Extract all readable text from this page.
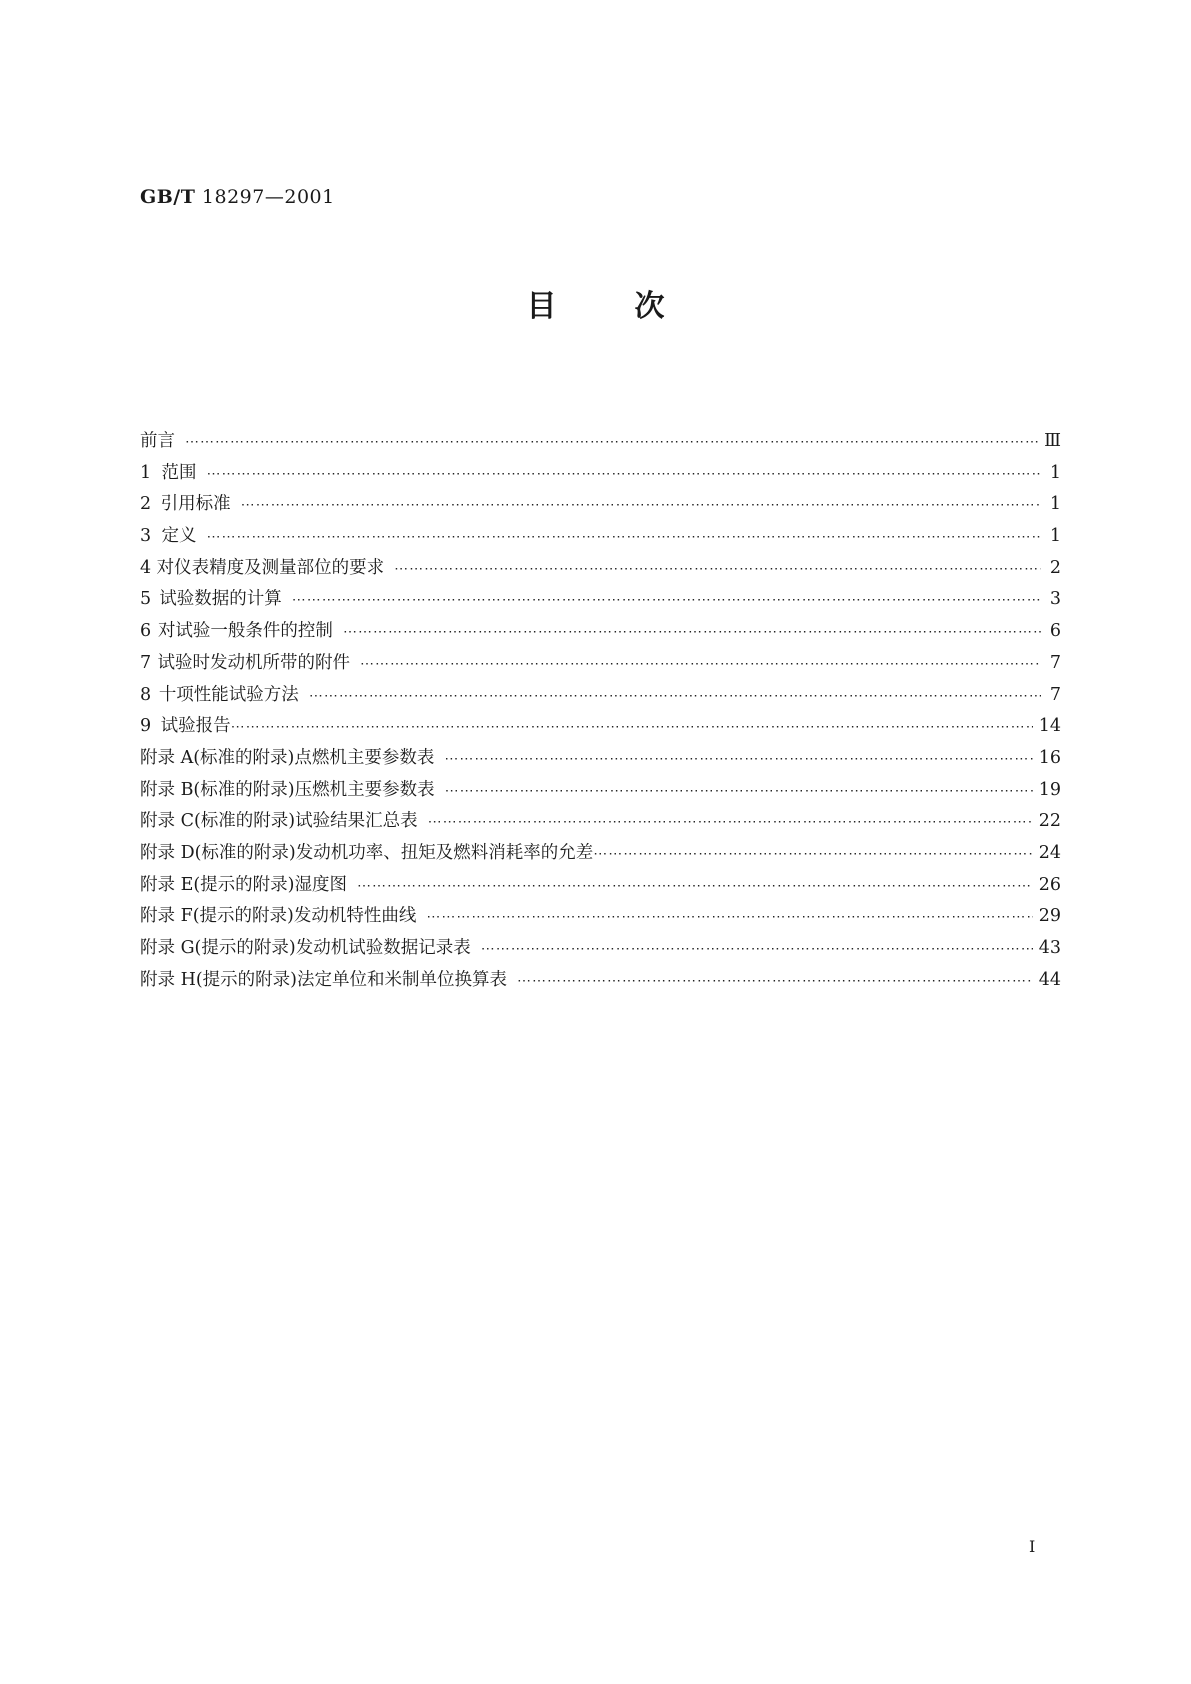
GB/T 18297—2001
目	次
前言 ⋯⋯⋯⋯⋯⋯⋯⋯⋯⋯⋯⋯⋯⋯⋯⋯⋯⋯⋯⋯⋯⋯⋯⋯⋯⋯⋯⋯⋯⋯⋯⋯⋯⋯⋯⋯⋯⋯⋯⋯⋯⋯⋯⋯⋯⋯⋯⋯⋯⋯⋯⋯⋯⋯⋯⋯⋯⋯⋯⋯⋯⋯⋯⋯⋯⋯⋯⋯⋯⋯⋯⋯⋯⋯⋯⋯⋯⋯⋯⋯⋯⋯⋯	Ⅲ
1 范围 ⋯⋯⋯⋯⋯⋯⋯⋯⋯⋯⋯⋯⋯⋯⋯⋯⋯⋯⋯⋯⋯⋯⋯⋯⋯⋯⋯⋯⋯⋯⋯⋯⋯⋯⋯⋯⋯⋯⋯⋯⋯⋯⋯⋯⋯⋯⋯⋯⋯⋯⋯⋯⋯⋯⋯⋯⋯⋯⋯⋯⋯⋯⋯⋯⋯⋯⋯⋯⋯⋯⋯⋯⋯⋯⋯⋯⋯⋯⋯⋯⋯⋯⋯	1
2 引用标准 ⋯⋯⋯⋯⋯⋯⋯⋯⋯⋯⋯⋯⋯⋯⋯⋯⋯⋯⋯⋯⋯⋯⋯⋯⋯⋯⋯⋯⋯⋯⋯⋯⋯⋯⋯⋯⋯⋯⋯⋯⋯⋯⋯⋯⋯⋯⋯⋯⋯⋯⋯⋯⋯⋯⋯⋯⋯⋯⋯⋯⋯⋯⋯⋯⋯⋯⋯⋯⋯⋯⋯⋯⋯⋯⋯⋯⋯⋯⋯⋯⋯⋯⋯	1
3 定义 ⋯⋯⋯⋯⋯⋯⋯⋯⋯⋯⋯⋯⋯⋯⋯⋯⋯⋯⋯⋯⋯⋯⋯⋯⋯⋯⋯⋯⋯⋯⋯⋯⋯⋯⋯⋯⋯⋯⋯⋯⋯⋯⋯⋯⋯⋯⋯⋯⋯⋯⋯⋯⋯⋯⋯⋯⋯⋯⋯⋯⋯⋯⋯⋯⋯⋯⋯⋯⋯⋯⋯⋯⋯⋯⋯⋯⋯⋯⋯⋯⋯⋯⋯	1
4 对仪表精度及测量部位的要求 ⋯⋯⋯⋯⋯⋯⋯⋯⋯⋯⋯⋯⋯⋯⋯⋯⋯⋯⋯⋯⋯⋯⋯⋯⋯⋯⋯⋯⋯⋯⋯⋯⋯⋯⋯⋯⋯⋯⋯⋯⋯⋯⋯⋯⋯⋯⋯⋯⋯⋯⋯⋯⋯⋯⋯⋯⋯⋯⋯⋯⋯⋯⋯⋯⋯⋯⋯⋯⋯⋯⋯⋯⋯⋯⋯⋯⋯⋯⋯⋯⋯⋯⋯	2
5 试验数据的计算 ⋯⋯⋯⋯⋯⋯⋯⋯⋯⋯⋯⋯⋯⋯⋯⋯⋯⋯⋯⋯⋯⋯⋯⋯⋯⋯⋯⋯⋯⋯⋯⋯⋯⋯⋯⋯⋯⋯⋯⋯⋯⋯⋯⋯⋯⋯⋯⋯⋯⋯⋯⋯⋯⋯⋯⋯⋯⋯⋯⋯⋯⋯⋯⋯⋯⋯⋯⋯⋯⋯⋯⋯⋯⋯⋯⋯⋯⋯⋯⋯⋯⋯⋯	3
6 对试验一般条件的控制 ⋯⋯⋯⋯⋯⋯⋯⋯⋯⋯⋯⋯⋯⋯⋯⋯⋯⋯⋯⋯⋯⋯⋯⋯⋯⋯⋯⋯⋯⋯⋯⋯⋯⋯⋯⋯⋯⋯⋯⋯⋯⋯⋯⋯⋯⋯⋯⋯⋯⋯⋯⋯⋯⋯⋯⋯⋯⋯⋯⋯⋯⋯⋯⋯⋯⋯⋯⋯⋯⋯⋯⋯⋯⋯⋯⋯⋯⋯⋯⋯⋯⋯⋯	6
7 试验时发动机所带的附件 ⋯⋯⋯⋯⋯⋯⋯⋯⋯⋯⋯⋯⋯⋯⋯⋯⋯⋯⋯⋯⋯⋯⋯⋯⋯⋯⋯⋯⋯⋯⋯⋯⋯⋯⋯⋯⋯⋯⋯⋯⋯⋯⋯⋯⋯⋯⋯⋯⋯⋯⋯⋯⋯⋯⋯⋯⋯⋯⋯⋯⋯⋯⋯⋯⋯⋯⋯⋯⋯⋯⋯⋯⋯⋯⋯⋯⋯⋯⋯⋯⋯⋯⋯	7
8 十项性能试验方法 ⋯⋯⋯⋯⋯⋯⋯⋯⋯⋯⋯⋯⋯⋯⋯⋯⋯⋯⋯⋯⋯⋯⋯⋯⋯⋯⋯⋯⋯⋯⋯⋯⋯⋯⋯⋯⋯⋯⋯⋯⋯⋯⋯⋯⋯⋯⋯⋯⋯⋯⋯⋯⋯⋯⋯⋯⋯⋯⋯⋯⋯⋯⋯⋯⋯⋯⋯⋯⋯⋯⋯⋯⋯⋯⋯⋯⋯⋯⋯⋯⋯⋯⋯	7
9 试验报告 ⋯⋯⋯⋯⋯⋯⋯⋯⋯⋯⋯⋯⋯⋯⋯⋯⋯⋯⋯⋯⋯⋯⋯⋯⋯⋯⋯⋯⋯⋯⋯⋯⋯⋯⋯⋯⋯⋯⋯⋯⋯⋯⋯⋯⋯⋯⋯⋯⋯⋯⋯⋯⋯⋯⋯⋯⋯⋯⋯⋯⋯⋯⋯⋯⋯⋯⋯⋯⋯⋯⋯⋯⋯⋯⋯⋯⋯⋯⋯⋯⋯⋯⋯	14
附录 A(标准的附录) 点燃机主要参数表 ⋯⋯⋯⋯⋯⋯⋯⋯⋯⋯⋯⋯⋯⋯⋯⋯⋯⋯⋯⋯⋯⋯⋯⋯⋯⋯⋯⋯⋯⋯⋯⋯⋯⋯⋯⋯⋯⋯⋯⋯⋯⋯⋯⋯⋯⋯⋯⋯⋯⋯⋯⋯⋯⋯⋯⋯⋯⋯⋯⋯⋯⋯⋯⋯⋯⋯⋯⋯⋯⋯⋯⋯⋯⋯⋯⋯⋯⋯⋯⋯⋯⋯⋯	16
附录 B(标准的附录) 压燃机主要参数表 ⋯⋯⋯⋯⋯⋯⋯⋯⋯⋯⋯⋯⋯⋯⋯⋯⋯⋯⋯⋯⋯⋯⋯⋯⋯⋯⋯⋯⋯⋯⋯⋯⋯⋯⋯⋯⋯⋯⋯⋯⋯⋯⋯⋯⋯⋯⋯⋯⋯⋯⋯⋯⋯⋯⋯⋯⋯⋯⋯⋯⋯⋯⋯⋯⋯⋯⋯⋯⋯⋯⋯⋯⋯⋯⋯⋯⋯⋯⋯⋯⋯⋯⋯	19
附录 C(标准的附录) 试验结果汇总表 ⋯⋯⋯⋯⋯⋯⋯⋯⋯⋯⋯⋯⋯⋯⋯⋯⋯⋯⋯⋯⋯⋯⋯⋯⋯⋯⋯⋯⋯⋯⋯⋯⋯⋯⋯⋯⋯⋯⋯⋯⋯⋯⋯⋯⋯⋯⋯⋯⋯⋯⋯⋯⋯⋯⋯⋯⋯⋯⋯⋯⋯⋯⋯⋯⋯⋯⋯⋯⋯⋯⋯⋯⋯⋯⋯⋯⋯⋯⋯⋯⋯⋯⋯	22
附录 D(标准的附录) 发动机功率、扭矩及燃料消耗率的允差 ⋯⋯⋯⋯⋯⋯⋯⋯⋯⋯⋯⋯⋯⋯⋯⋯⋯⋯⋯⋯⋯⋯⋯⋯⋯⋯⋯⋯⋯⋯⋯⋯⋯⋯⋯⋯⋯⋯⋯⋯⋯⋯⋯⋯⋯⋯⋯⋯⋯⋯⋯⋯⋯⋯⋯⋯⋯⋯⋯⋯⋯⋯⋯⋯⋯⋯⋯⋯⋯⋯⋯⋯⋯⋯⋯⋯⋯⋯⋯⋯⋯⋯⋯	24
附录 E(提示的附录) 湿度图 ⋯⋯⋯⋯⋯⋯⋯⋯⋯⋯⋯⋯⋯⋯⋯⋯⋯⋯⋯⋯⋯⋯⋯⋯⋯⋯⋯⋯⋯⋯⋯⋯⋯⋯⋯⋯⋯⋯⋯⋯⋯⋯⋯⋯⋯⋯⋯⋯⋯⋯⋯⋯⋯⋯⋯⋯⋯⋯⋯⋯⋯⋯⋯⋯⋯⋯⋯⋯⋯⋯⋯⋯⋯⋯⋯⋯⋯⋯⋯⋯⋯⋯⋯	26
附录 F(提示的附录) 发动机特性曲线 ⋯⋯⋯⋯⋯⋯⋯⋯⋯⋯⋯⋯⋯⋯⋯⋯⋯⋯⋯⋯⋯⋯⋯⋯⋯⋯⋯⋯⋯⋯⋯⋯⋯⋯⋯⋯⋯⋯⋯⋯⋯⋯⋯⋯⋯⋯⋯⋯⋯⋯⋯⋯⋯⋯⋯⋯⋯⋯⋯⋯⋯⋯⋯⋯⋯⋯⋯⋯⋯⋯⋯⋯⋯⋯⋯⋯⋯⋯⋯⋯⋯⋯⋯	29
附录 G(提示的附录) 发动机试验数据记录表 ⋯⋯⋯⋯⋯⋯⋯⋯⋯⋯⋯⋯⋯⋯⋯⋯⋯⋯⋯⋯⋯⋯⋯⋯⋯⋯⋯⋯⋯⋯⋯⋯⋯⋯⋯⋯⋯⋯⋯⋯⋯⋯⋯⋯⋯⋯⋯⋯⋯⋯⋯⋯⋯⋯⋯⋯⋯⋯⋯⋯⋯⋯⋯⋯⋯⋯⋯⋯⋯⋯⋯⋯⋯⋯⋯⋯⋯⋯⋯⋯⋯⋯⋯	43
附录 H(提示的附录) 法定单位和米制单位换算表 ⋯⋯⋯⋯⋯⋯⋯⋯⋯⋯⋯⋯⋯⋯⋯⋯⋯⋯⋯⋯⋯⋯⋯⋯⋯⋯⋯⋯⋯⋯⋯⋯⋯⋯⋯⋯⋯⋯⋯⋯⋯⋯⋯⋯⋯⋯⋯⋯⋯⋯⋯⋯⋯⋯⋯⋯⋯⋯⋯⋯⋯⋯⋯⋯⋯⋯⋯⋯⋯⋯⋯⋯⋯⋯⋯⋯⋯⋯⋯⋯⋯⋯⋯	44
I
